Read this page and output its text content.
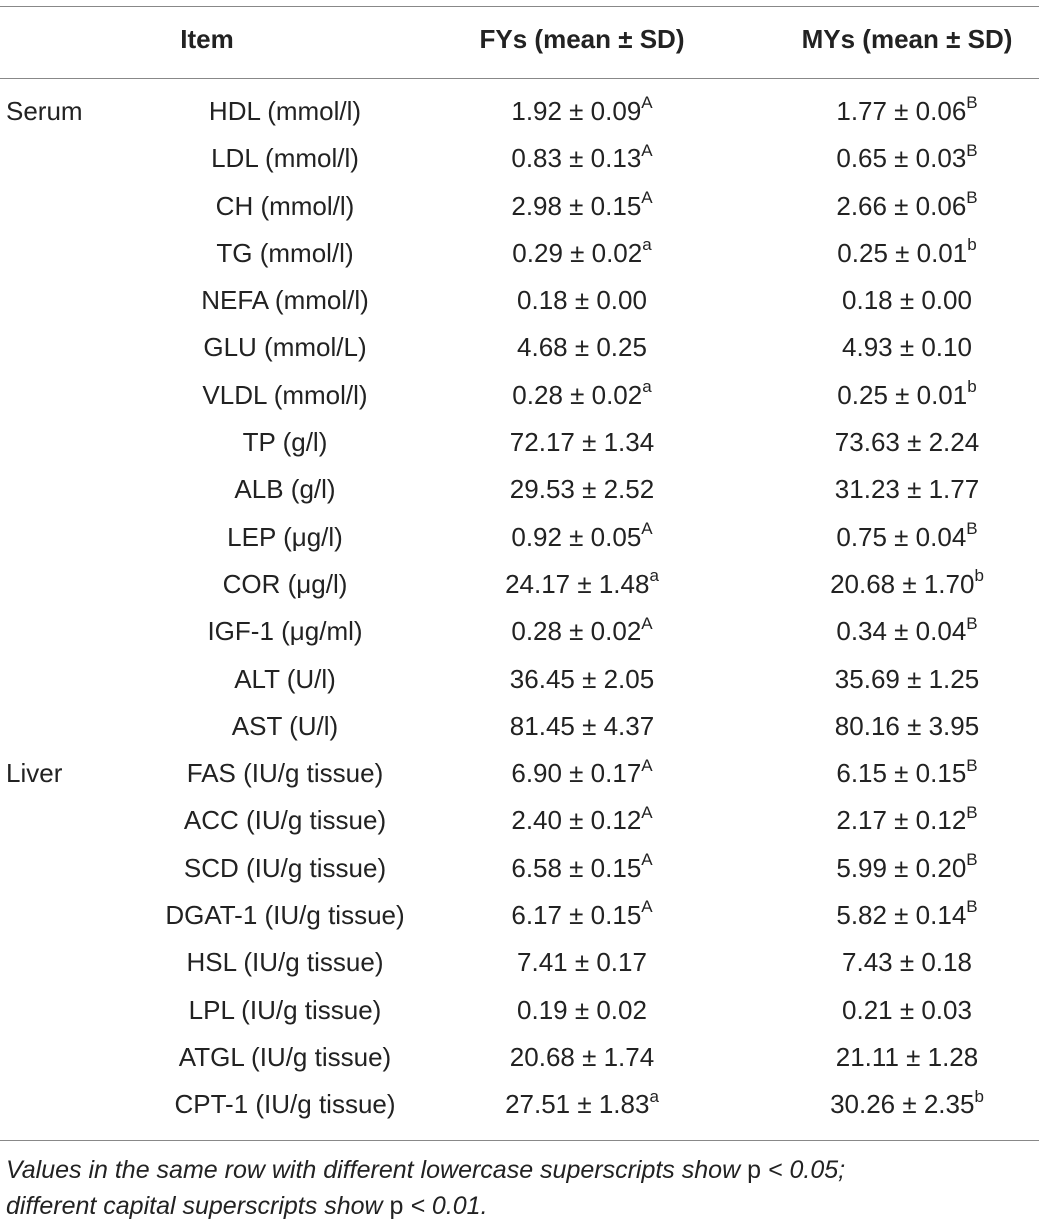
Item	FYs (mean ± SD)	MYs (mean ± SD)
Serum	HDL (mmol/l)	$1.92 \pm 0.09^A$	$1.77 \pm 0.06^B$
LDL (mmol/l)	$0.83 \pm 0.13^A$	$0.65 \pm 0.03^B$
CH (mmol/l)	$2.98 \pm 0.15^A$	$2.66 \pm 0.06^B$
TG (mmol/l)	0.29 ± 0.02$^a$	0.25 ± 0.01$^b$
NEFA (mmol/l)	0.18 ± 0.00	0.18 ± 0.00
GLU (mmol/L)	4.68 ± 0.25	4.93 ± 0.10
VLDL (mmol/l)	0.28 ± 0.02$^a$	0.25 ± 0.01$^b$
TP (g/l)	72.17 ± 1.34	73.63 ± 2.24
ALB (g/l)	29.53 ± 2.52	31.23 ± 1.77
LEP (μg/l)	$0.92 \pm 0.05^A$	$0.75 \pm 0.04^B$
COR (μg/l)	24.17 ± 1.48$^a$	20.68 ± 1.70$^b$
IGF-1 (μg/ml)	$0.28 \pm 0.02^A$	$0.34 \pm 0.04^B$
ALT (U/l)	36.45 ± 2.05	35.69 ± 1.25
AST (U/l)	81.45 ± 4.37	80.16 ± 3.95
Liver	FAS (IU/g tissue)	$6.90 \pm 0.17^A$	$6.15 \pm 0.15^B$
ACC (IU/g tissue)	$2.40 \pm 0.12^A$	$2.17 \pm 0.12^B$
SCD (IU/g tissue)	$6.58 \pm 0.15^A$	$5.99 \pm 0.20^B$
DGAT-1 (IU/g tissue)	$6.17 \pm 0.15^A$	$5.82 \pm 0.14^B$
HSL (IU/g tissue)	7.41 ± 0.17	7.43 ± 0.18
LPL (IU/g tissue)	0.19 ± 0.02	0.21 ± 0.03
ATGL (IU/g tissue)	20.68 ± 1.74	21.11 ± 1.28
CPT-1 (IU/g tissue)	27.51 ± 1.83$^a$	30.26 ± 2.35$^b$
Values in the same row with different lowercase superscripts show p < 0.05;
different capital superscripts show p < 0.01.
